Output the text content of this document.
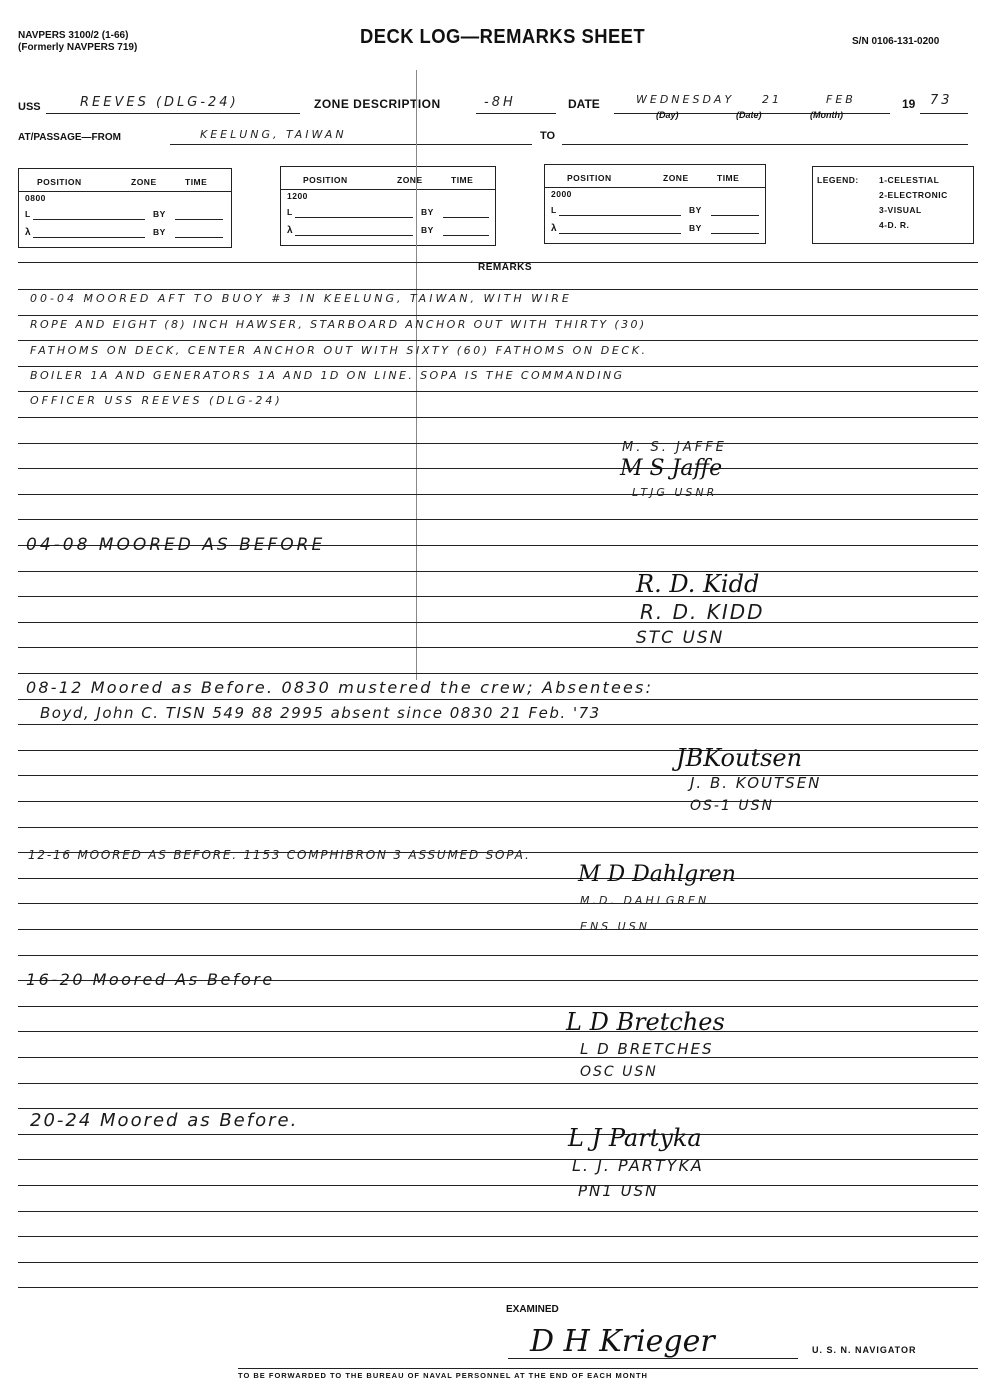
NAVPERS 3100/2 (1-66)
(Formerly NAVPERS 719)	DECK LOG—REMARKS SHEET	S/N 0106-131-0200
USS	REEVES (DLG-24)	ZONE DESCRIPTION	-8H	DATE	WEDNESDAY	21	FEB	19 73
(Day)	(Date)	(Month)
AT/PASSAGE—FROM	KEELUNG, TAIWAN	TO
POSITION	ZONE	TIME
0800
L	BY
λ	BY
POSITION	ZONE	TIME
1200
L	BY
λ	BY
POSITION	ZONE	TIME
2000
L	BY
λ	BY
LEGEND: 1-CELESTIAL
2-ELECTRONIC
3-VISUAL
4-D. R.
REMARKS
00-04 MOORED AFT TO BUOY #3 IN KEELUNG, TAIWAN, WITH WIRE
ROPE AND EIGHT (8) INCH HAWSER, STARBOARD ANCHOR OUT WITH THIRTY (30)
FATHOMS ON DECK, CENTER ANCHOR OUT WITH SIXTY (60) FATHOMS ON DECK.
BOILER 1A AND GENERATORS 1A AND 1D ON LINE. SOPA IS THE COMMANDING
OFFICER USS REEVES (DLG-24)
M. S. JAFFE
M S Jaffe
LTJG USNR
04-08 MOORED AS BEFORE
R. D. Kidd
R. D. KIDD
STC USN
08-12 Moored as Before. 0830 mustered the crew; Absentees:
Boyd, John C. TISN 549 88 2995 absent since 0830 21 Feb. '73
JBKoutsen
J. B. KOUTSEN
OS-1 USN
12-16 MOORED AS BEFORE. 1153 COMPHIBRON 3 ASSUMED SOPA.
M D Dahlgren
M.D. DAHLGREN
ENS USN
16-20 Moored As Before
L D Bretches
L D BRETCHES
OSC USN
20-24 Moored as Before.
L J Partyka
L. J. PARTYKA
PN1 USN
EXAMINED
D H Krieger	U. S. N. NAVIGATOR
TO BE FORWARDED TO THE BUREAU OF NAVAL PERSONNEL AT THE END OF EACH MONTH
